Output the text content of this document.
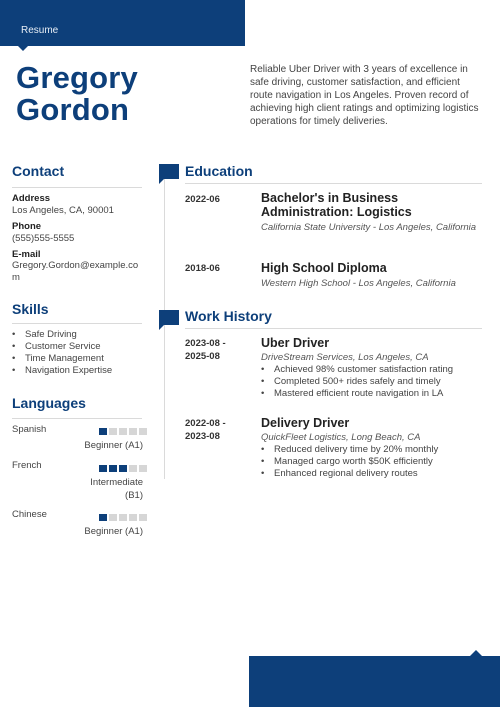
Resume
Gregory
Gordon
Reliable Uber Driver with 3 years of excellence in safe driving, customer satisfaction, and efficient route navigation in Los Angeles. Proven record of achieving high client ratings and optimizing logistics operations for timely deliveries.
Contact
Address
Los Angeles, CA, 90001
Phone
(555)555-5555
E-mail
Gregory.Gordon@example.com
Skills
• Safe Driving
• Customer Service
• Time Management
• Navigation Expertise
Languages
Spanish
Beginner (A1)
French
Intermediate (B1)
Chinese
Beginner (A1)
Education
2022-06	Bachelor's in Business Administration: Logistics
California State University - Los Angeles, California
2018-06	High School Diploma
Western High School - Los Angeles, California
Work History
2023-08 -
2025-08
Uber Driver
DriveStream Services, Los Angeles, CA
• Achieved 98% customer satisfaction rating
• Completed 500+ rides safely and timely
• Mastered efficient route navigation in LA
2022-08 -
2023-08
Delivery Driver
QuickFleet Logistics, Long Beach, CA
• Reduced delivery time by 20% monthly
• Managed cargo worth $50K efficiently
• Enhanced regional delivery routes
